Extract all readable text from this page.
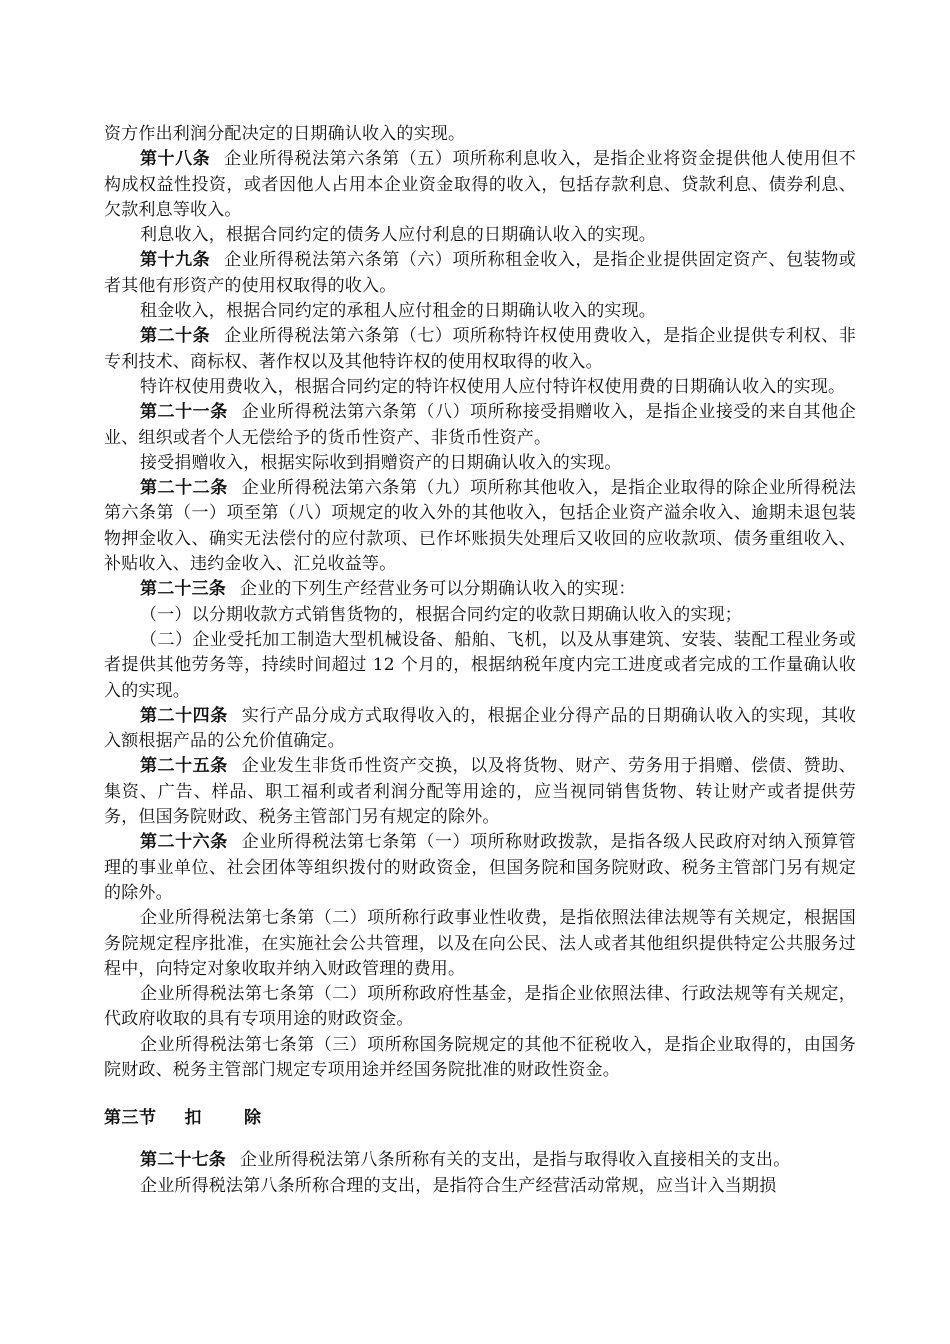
资方作出利润分配决定的日期确认收入的实现。

第十八条 企业所得税法第六条第（五）项所称利息收入，是指企业将资金提供他人使用但不构成权益性投资，或者因他人占用本企业资金取得的收入，包括存款利息、贷款利息、债券利息、欠款利息等收入。

利息收入，根据合同约定的债务人应付利息的日期确认收入的实现。

第十九条 企业所得税法第六条第（六）项所称租金收入，是指企业提供固定资产、包装物或者其他有形资产的使用权取得的收入。

租金收入，根据合同约定的承租人应付租金的日期确认收入的实现。

第二十条 企业所得税法第六条第（七）项所称特许权使用费收入，是指企业提供专利权、非专利技术、商标权、著作权以及其他特许权的使用权取得的收入。

特许权使用费收入，根据合同约定的特许权使用人应付特许权使用费的日期确认收入的实现。

第二十一条 企业所得税法第六条第（八）项所称接受捐赠收入，是指企业接受的来自其他企业、组织或者个人无偿给予的货币性资产、非货币性资产。

接受捐赠收入，根据实际收到捐赠资产的日期确认收入的实现。

第二十二条 企业所得税法第六条第（九）项所称其他收入，是指企业取得的除企业所得税法第六条第（一）项至第（八）项规定的收入外的其他收入，包括企业资产溢余收入、逾期未退包装物押金收入、确实无法偿付的应付款项、已作坏账损失处理后又收回的应收款项、债务重组收入、补贴收入、违约金收入、汇兑收益等。

第二十三条 企业的下列生产经营业务可以分期确认收入的实现：

（一）以分期收款方式销售货物的，根据合同约定的收款日期确认收入的实现；

（二）企业受托加工制造大型机械设备、船舶、飞机，以及从事建筑、安装、装配工程业务或者提供其他劳务等，持续时间超过 12 个月的，根据纳税年度内完工进度或者完成的工作量确认收入的实现。

第二十四条 实行产品分成方式取得收入的，根据企业分得产品的日期确认收入的实现，其收入额根据产品的公允价值确定。

第二十五条 企业发生非货币性资产交换，以及将货物、财产、劳务用于捐赠、偿债、赞助、集资、广告、样品、职工福利或者利润分配等用途的，应当视同销售货物、转让财产或者提供劳务，但国务院财政、税务主管部门另有规定的除外。

第二十六条 企业所得税法第七条第（一）项所称财政拨款，是指各级人民政府对纳入预算管理的事业单位、社会团体等组织拨付的财政资金，但国务院和国务院财政、税务主管部门另有规定的除外。

企业所得税法第七条第（二）项所称行政事业性收费，是指依照法律法规等有关规定，根据国务院规定程序批准，在实施社会公共管理，以及在向公民、法人或者其他组织提供特定公共服务过程中，向特定对象收取并纳入财政管理的费用。

企业所得税法第七条第（二）项所称政府性基金，是指企业依照法律、行政法规等有关规定，代政府收取的具有专项用途的财政资金。

企业所得税法第七条第（三）项所称国务院规定的其他不征税收入，是指企业取得的，由国务院财政、税务主管部门规定专项用途并经国务院批准的财政性资金。

第三节 扣 除

第二十七条 企业所得税法第八条所称有关的支出，是指与取得收入直接相关的支出。

企业所得税法第八条所称合理的支出，是指符合生产经营活动常规，应当计入当期损
